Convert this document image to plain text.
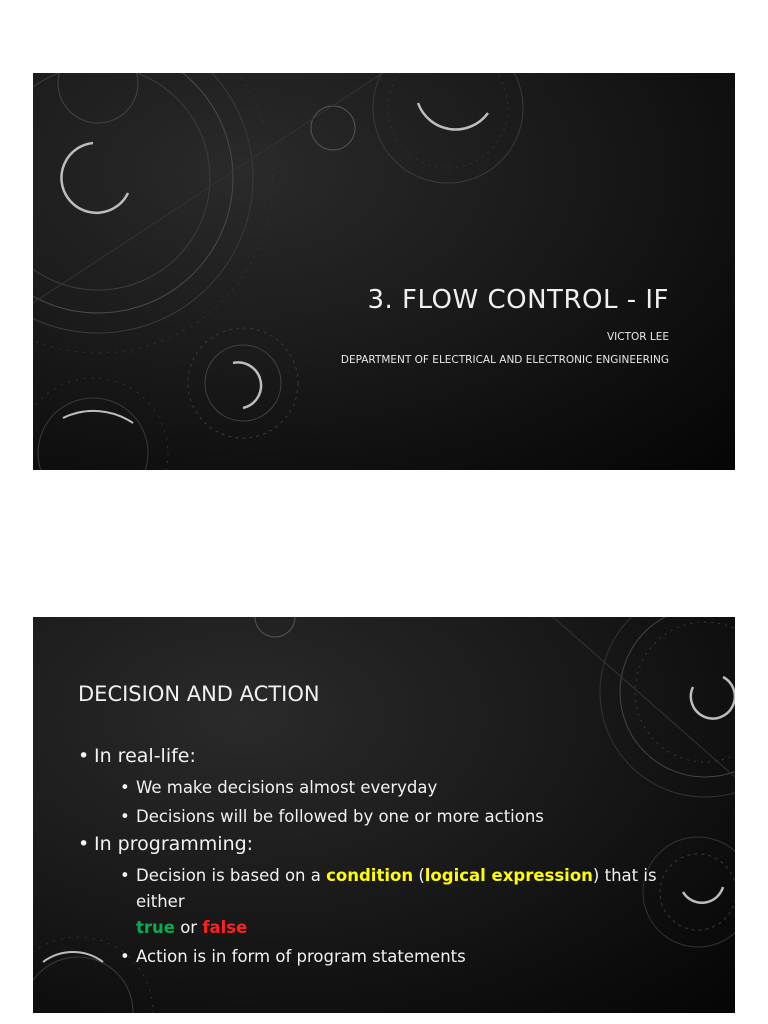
3. FLOW CONTROL - IF
VICTOR LEE
DEPARTMENT OF ELECTRICAL AND ELECTRONIC ENGINEERING
DECISION AND ACTION
• In real-life:
• We make decisions almost everyday
• Decisions will be followed by one or more actions
• In programming:
• Decision is based on a condition (logical expression) that is either
true or false
• Action is in form of program statements
